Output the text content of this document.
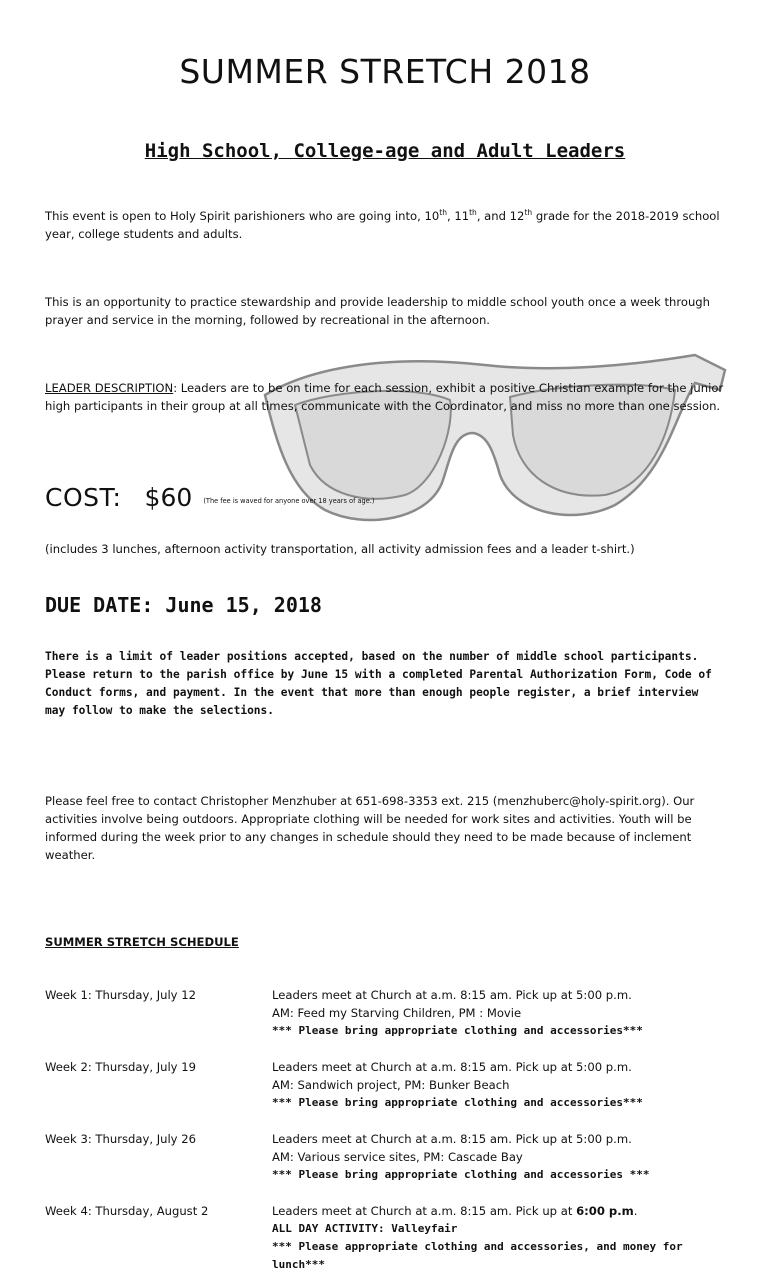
SUMMER STRETCH 2018
High School, College-age and Adult Leaders
This event is open to Holy Spirit parishioners who are going into, 10th, 11th, and 12th grade for the 2018-2019 school year, college students and adults.
This is an opportunity to practice stewardship and provide leadership to middle school youth once a week through prayer and service in the morning, followed by recreational in the afternoon.
LEADER DESCRIPTION: Leaders are to be on time for each session, exhibit a positive Christian example for the junior high participants in their group at all times, communicate with the Coordinator, and miss no more than one session.
COST: $60 (The fee is waved for anyone over 18 years of age.)
(includes 3 lunches, afternoon activity transportation, all activity admission fees and a leader t-shirt.)
DUE DATE: June 15, 2018
There is a limit of leader positions accepted, based on the number of middle school participants. Please return to the parish office by June 15 with a completed Parental Authorization Form, Code of Conduct forms, and payment. In the event that more than enough people register, a brief interview may follow to make the selections.
Please feel free to contact Christopher Menzhuber at 651-698-3353 ext. 215 (menzhuberc@holy-spirit.org). Our activities involve being outdoors. Appropriate clothing will be needed for work sites and activities. Youth will be informed during the week prior to any changes in schedule should they need to be made because of inclement weather.
SUMMER STRETCH SCHEDULE
Week 1: Thursday, July 12	Leaders meet at Church at a.m. 8:15 am. Pick up at 5:00 p.m.
AM: Feed my Starving Children, PM : Movie
*** Please bring appropriate clothing and accessories***
Week 2: Thursday, July 19	Leaders meet at Church at a.m. 8:15 am. Pick up at 5:00 p.m.
AM: Sandwich project, PM: Bunker Beach
*** Please bring appropriate clothing and accessories***
Week 3: Thursday, July 26	Leaders meet at Church at a.m. 8:15 am. Pick up at 5:00 p.m.
AM: Various service sites, PM: Cascade Bay
*** Please bring appropriate clothing and accessories ***
Week 4: Thursday, August 2	Leaders meet at Church at a.m. 8:15 am. Pick up at 6:00 p.m.
ALL DAY ACTIVITY: Valleyfair
*** Please appropriate clothing and accessories, and money for lunch***
